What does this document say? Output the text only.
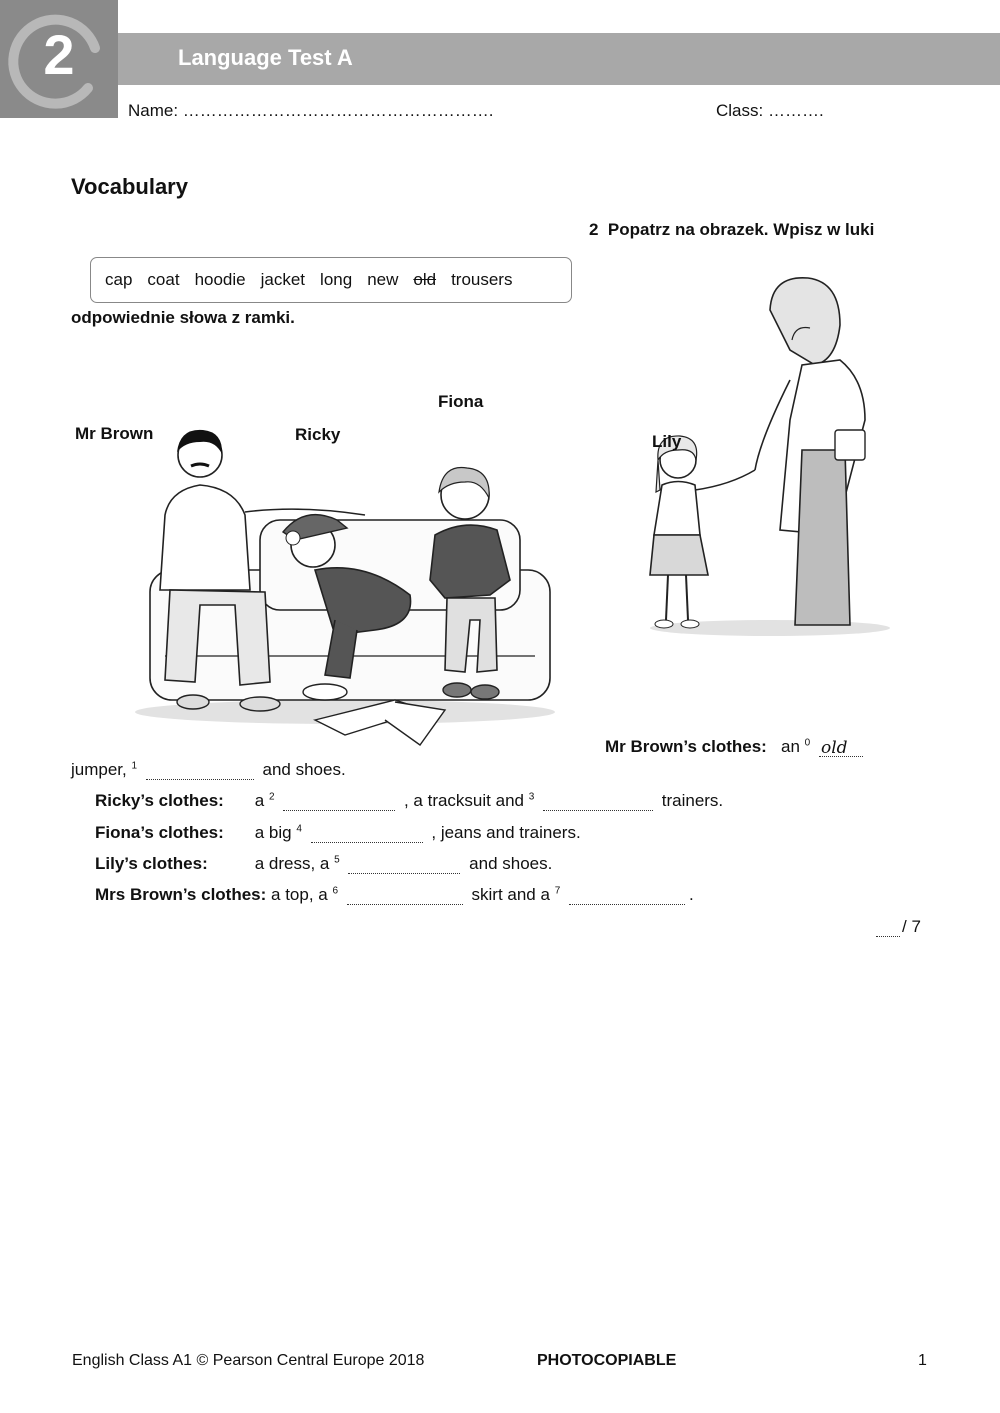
2	Language Test A
Name: ……………………………………………….	Class: ……….
Vocabulary
2 Popatrz na obrazek. Wpisz w luki
cap coat hoodie jacket long new old trousers
odpowiednie słowa z ramki.
Mr Brown	Ricky
Fiona
Lily
Mr Brown’s clothes: an $^0$ old
jumper, $^1$	and shoes.
Ricky’s clothes: a $^2$	, a tracksuit and $^3$	trainers.
Fiona’s clothes: a big $^4$	, jeans and trainers.
Lily’s clothes:	a dress, a $^5$	and shoes.
Mrs Brown’s clothes: a top, a $^6$	skirt and a $^7$	.
/ 7
English Class A1 © Pearson Central Europe 2018	PHOTOCOPIABLE	1
